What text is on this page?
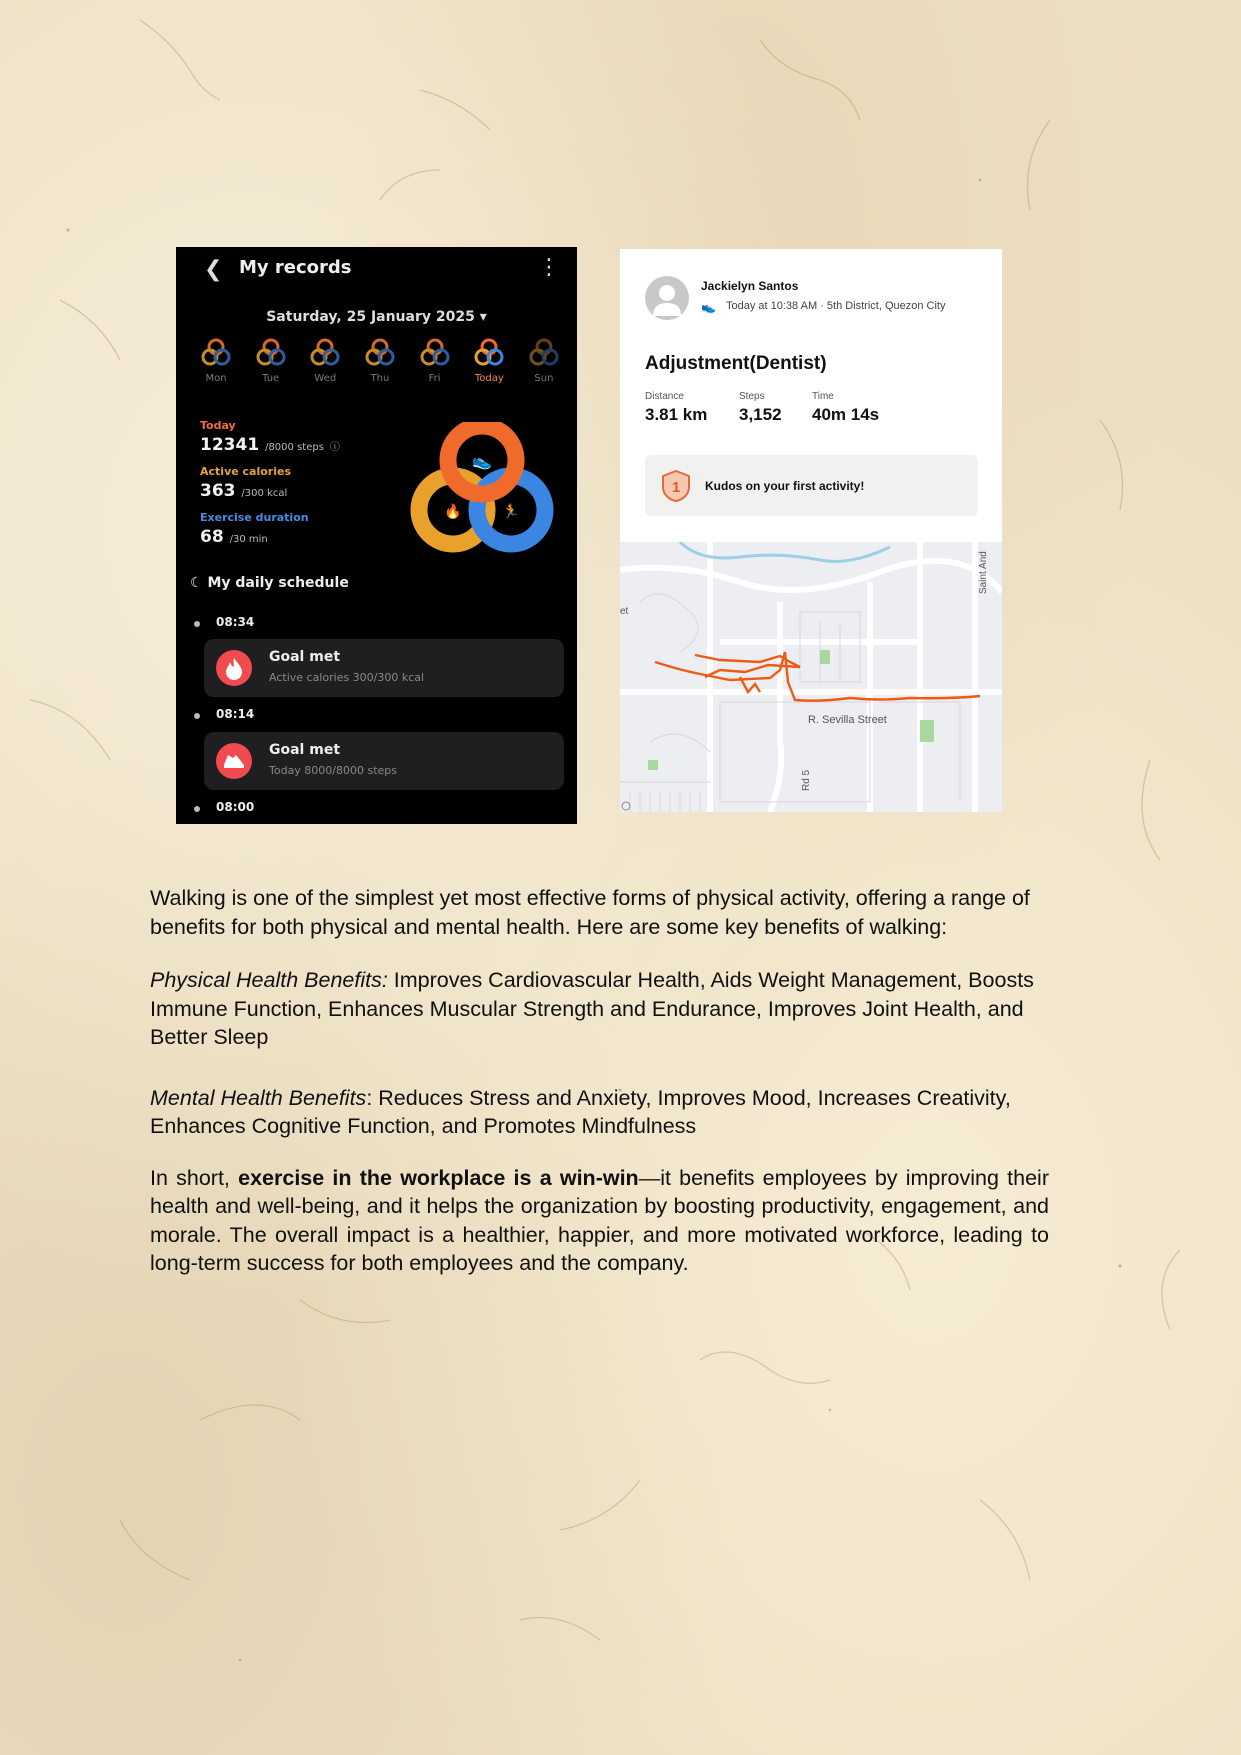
❮ My records	⋮
Saturday, 25 January 2025 ▾
Mon	Tue	Wed	Thu	Fri	Today	Sun
Today
12341 /8000 steps ⓘ
Active calories
363 /300 kcal
Exercise duration
68 /30 min
👟
🔥	🏃
☾ My daily schedule
08:34
Goal met
Active calories 300/300 kcal
08:14
Goal met
Today 8000/8000 steps
08:00
Jackielyn Santos
👟 Today at 10:38 AM · 5th District, Quezon City
Adjustment(Dentist)
Distance
3.81 km
Steps
3,152
Time
40m 14s
1 Kudos on your first activity!
R. Sevilla Street
Rd 5
Saint And
et

Walking is one of the simplest yet most effective forms of physical activity, offering a range of benefits for both physical and mental health. Here are some key benefits of walking:

Physical Health Benefits: Improves Cardiovascular Health, Aids Weight Management, Boosts Immune Function, Enhances Muscular Strength and Endurance, Improves Joint Health, and Better Sleep

Mental Health Benefits: Reduces Stress and Anxiety, Improves Mood, Increases Creativity, Enhances Cognitive Function, and Promotes Mindfulness

In short, exercise in the workplace is a win-win—it benefits employees by improving their health and well-being, and it helps the organization by boosting productivity, engagement, and morale. The overall impact is a healthier, happier, and more motivated workforce, leading to long-term success for both employees and the company.
